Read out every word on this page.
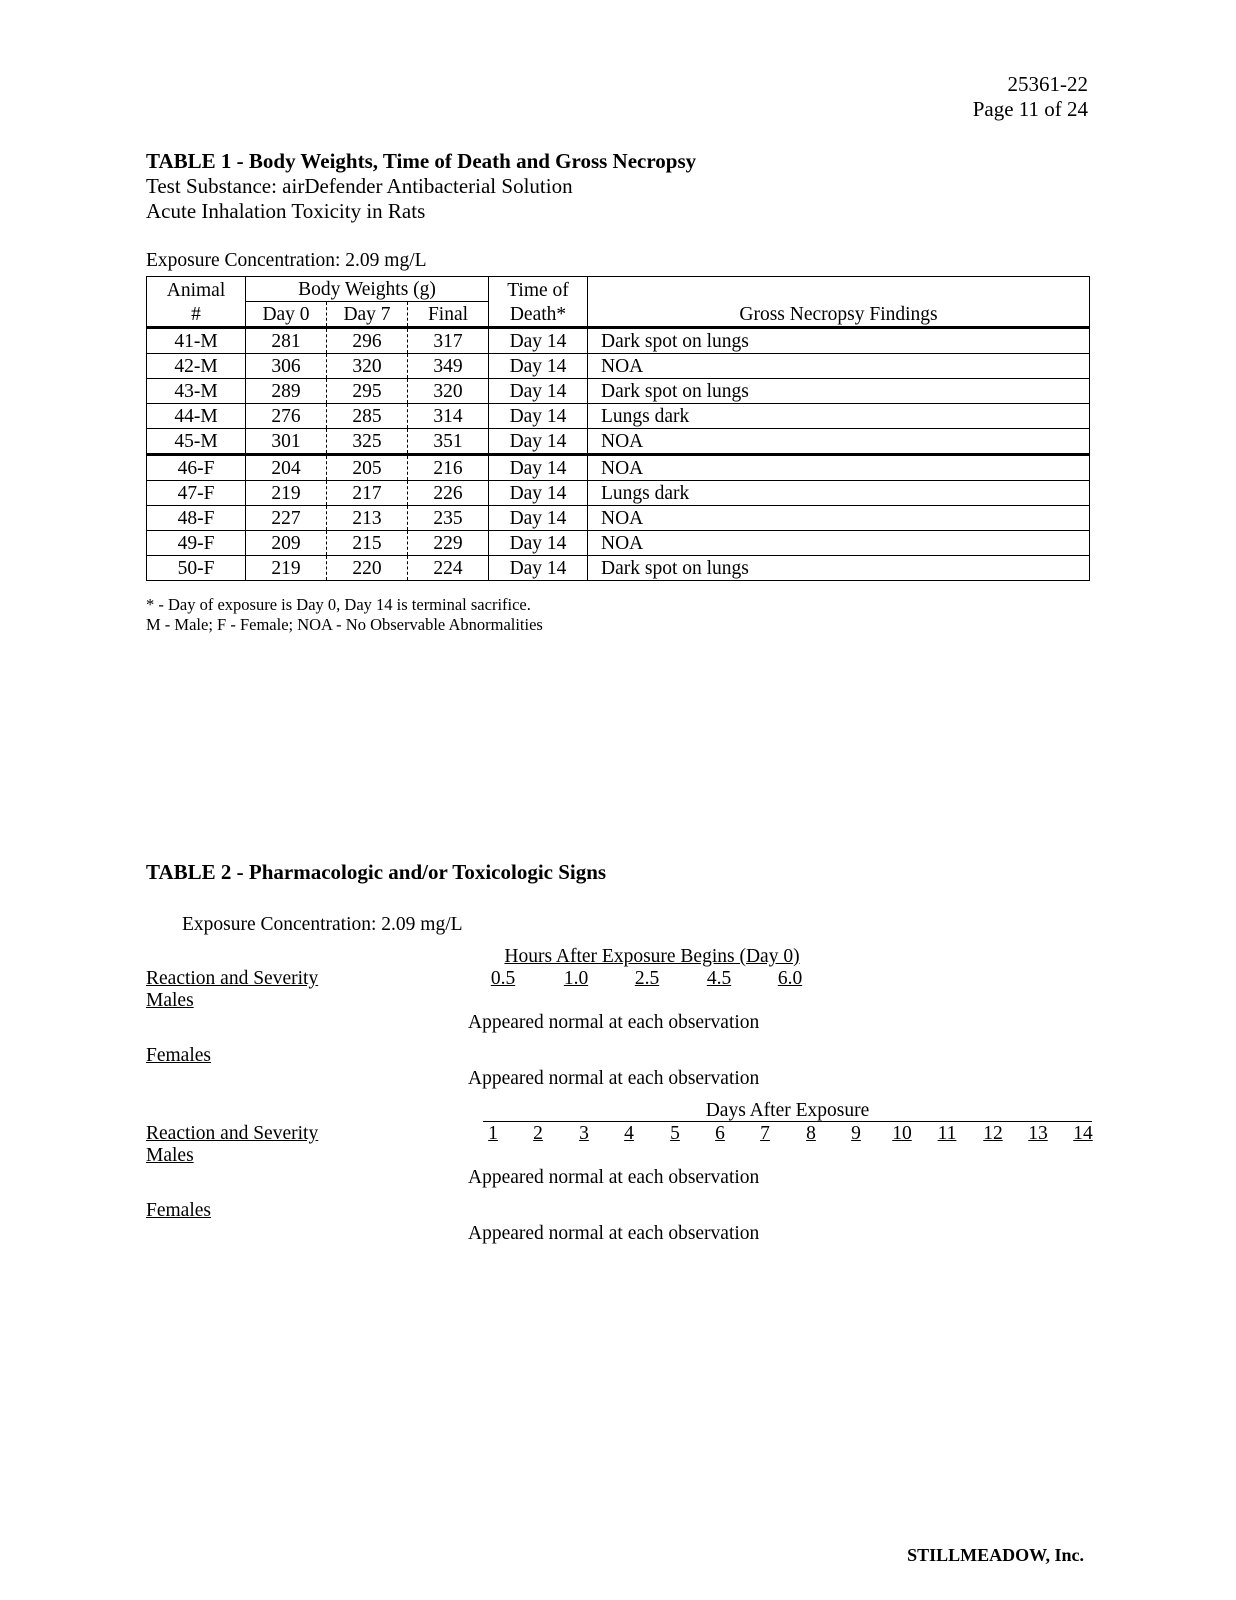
25361-22
Page 11 of 24
TABLE 1 - Body Weights, Time of Death and Gross Necropsy
Test Substance: airDefender Antibacterial Solution
Acute Inhalation Toxicity in Rats
Exposure Concentration: 2.09 mg/L
Animal	Body Weights (g)			Time of	Gross Necropsy Findings
#	Day 0	Day 7	Final	Death*	
41-M	281	296	317	Day 14	Dark spot on lungs
42-M	306	320	349	Day 14	NOA
43-M	289	295	320	Day 14	Dark spot on lungs
44-M	276	285	314	Day 14	Lungs dark
45-M	301	325	351	Day 14	NOA
46-F	204	205	216	Day 14	NOA
47-F	219	217	226	Day 14	Lungs dark
48-F	227	213	235	Day 14	NOA
49-F	209	215	229	Day 14	NOA
50-F	219	220	224	Day 14	Dark spot on lungs
* - Day of exposure is Day 0, Day 14 is terminal sacrifice.
M - Male; F - Female; NOA - No Observable Abnormalities
TABLE 2 - Pharmacologic and/or Toxicologic Signs
Exposure Concentration: 2.09 mg/L
Hours After Exposure Begins (Day 0)
0.5	1.0	2.5	4.5	6.0
Reaction and Severity
Males
Appeared normal at each observation
Females
Appeared normal at each observation
Days After Exposure
1	2	3	4	5	6	7	8	9	10 11 12 13 14
Reaction and Severity
Males
Appeared normal at each observation
Females
Appeared normal at each observation
STILLMEADOW, Inc.
